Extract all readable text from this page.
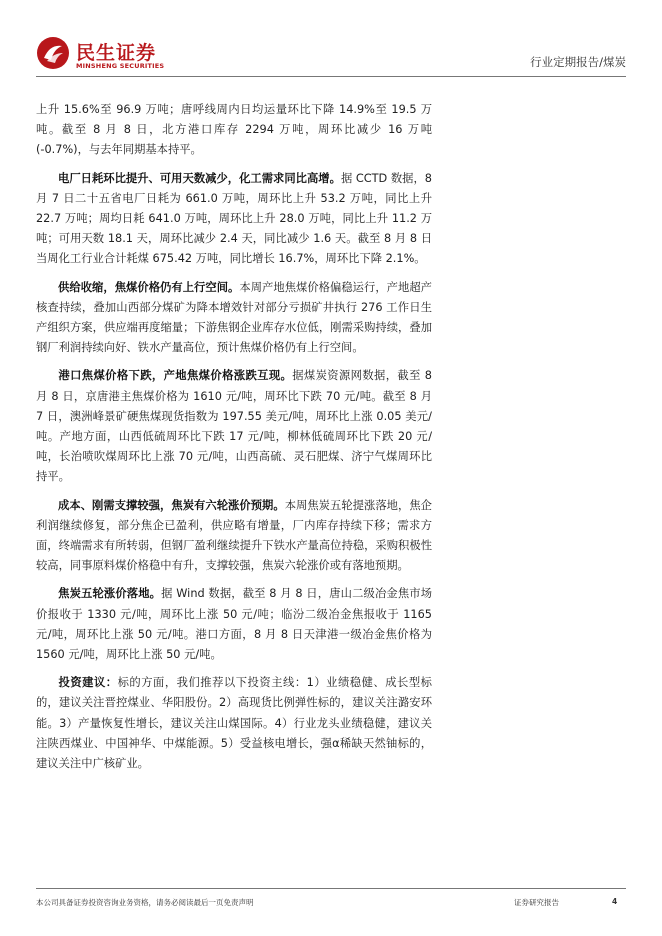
民生证券
MINSHENG SECURITIES	行业定期报告/煤炭

上升 15.6%至 96.9 万吨；唐呼线周内日均运量环比下降 14.9%至 19.5 万吨。截至 8 月 8 日，北方港口库存 2294 万吨，周环比减少 16 万吨(-0.7%)，与去年同期基本持平。

电厂日耗环比提升、可用天数减少，化工需求同比高增。据 CCTD 数据，8 月 7 日二十五省电厂日耗为 661.0 万吨，周环比上升 53.2 万吨，同比上升 22.7 万吨；周均日耗 641.0 万吨，周环比上升 28.0 万吨，同比上升 11.2 万吨；可用天数 18.1 天，周环比减少 2.4 天，同比减少 1.6 天。截至 8 月 8 日当周化工行业合计耗煤 675.42 万吨，同比增长 16.7%，周环比下降 2.1%。

供给收缩，焦煤价格仍有上行空间。本周产地焦煤价格偏稳运行，产地超产核查持续，叠加山西部分煤矿为降本增效针对部分亏损矿井执行 276 工作日生产组织方案，供应端再度缩量；下游焦钢企业库存水位低，刚需采购持续，叠加钢厂利润持续向好、铁水产量高位，预计焦煤价格仍有上行空间。

港口焦煤价格下跌，产地焦煤价格涨跌互现。据煤炭资源网数据，截至 8 月 8 日，京唐港主焦煤价格为 1610 元/吨，周环比下跌 70 元/吨。截至 8 月 7 日，澳洲峰景矿硬焦煤现货指数为 197.55 美元/吨，周环比上涨 0.05 美元/吨。产地方面，山西低硫周环比下跌 17 元/吨，柳林低硫周环比下跌 20 元/吨，长治喷吹煤周环比上涨 70 元/吨，山西高硫、灵石肥煤、济宁气煤周环比持平。

成本、刚需支撑较强，焦炭有六轮涨价预期。本周焦炭五轮提涨落地，焦企利润继续修复，部分焦企已盈利，供应略有增量，厂内库存持续下移；需求方面，终端需求有所转弱，但钢厂盈利继续提升下铁水产量高位持稳，采购积极性较高，同事原料煤价格稳中有升，支撑较强，焦炭六轮涨价或有落地预期。

焦炭五轮涨价落地。据 Wind 数据，截至 8 月 8 日，唐山二级冶金焦市场价报收于 1330 元/吨，周环比上涨 50 元/吨；临汾二级冶金焦报收于 1165 元/吨，周环比上涨 50 元/吨。港口方面，8 月 8 日天津港一级冶金焦价格为 1560 元/吨，周环比上涨 50 元/吨。

投资建议：标的方面，我们推荐以下投资主线：1）业绩稳健、成长型标的，建议关注晋控煤业、华阳股份。2）高现货比例弹性标的，建议关注潞安环能。3）产量恢复性增长，建议关注山煤国际。4）行业龙头业绩稳健，建议关注陕西煤业、中国神华、中煤能源。5）受益核电增长，强α稀缺天然铀标的，建议关注中广核矿业。

本公司具备证券投资咨询业务资格，请务必阅读最后一页免责声明	证券研究报告	4
